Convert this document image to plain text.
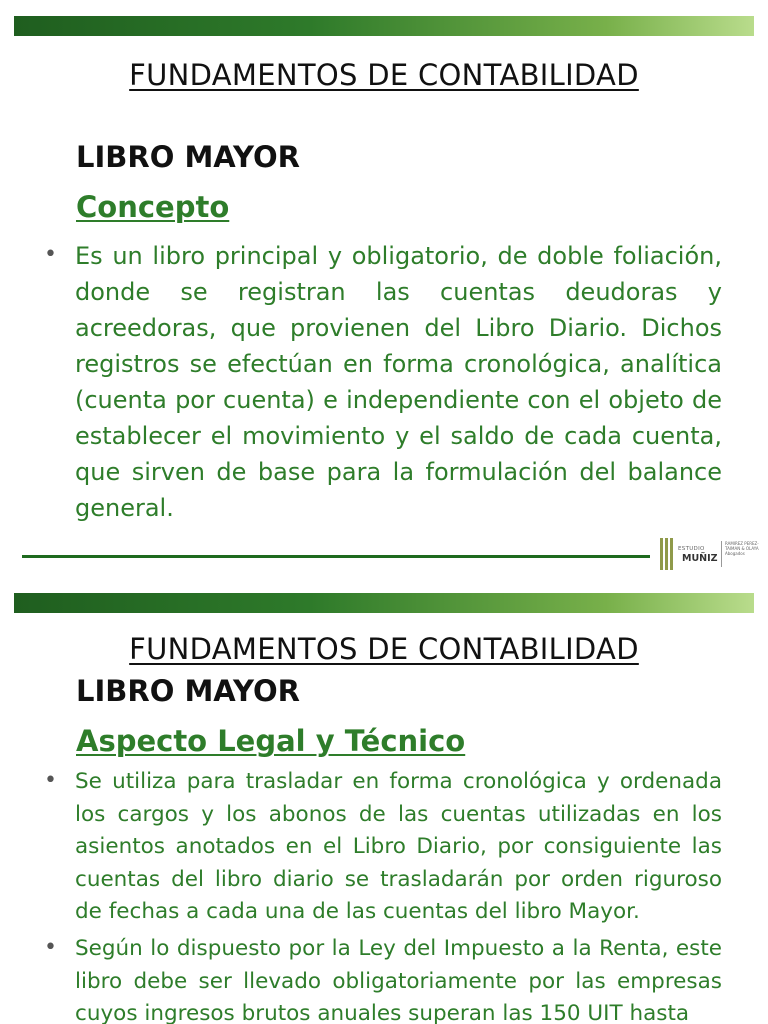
FUNDAMENTOS DE CONTABILIDAD
LIBRO MAYOR
Concepto
• Es un libro principal y obligatorio, de doble foliación, donde se registran las cuentas deudoras y acreedoras, que provienen del Libro Diario. Dichos registros se efectúan en forma cronológica, analítica (cuenta por cuenta) e independiente con el objeto de establecer el movimiento y el saldo de cada cuenta, que sirven de base para la formulación del balance general.
ESTUDIO
MUÑIZ
RAMIREZ PEREZ-TAIMAN & OLAYA Abogados
FUNDAMENTOS DE CONTABILIDAD
LIBRO MAYOR
Aspecto Legal y Técnico
• Se utiliza para trasladar en forma cronológica y ordenada los cargos y los abonos de las cuentas utilizadas en los asientos anotados en el Libro Diario, por consiguiente las cuentas del libro diario se trasladarán por orden riguroso de fechas a cada una de las cuentas del libro Mayor.
• Según lo dispuesto por la Ley del Impuesto a la Renta, este libro debe ser llevado obligatoriamente por las empresas cuyos ingresos brutos anuales superan las 150 UIT hasta
